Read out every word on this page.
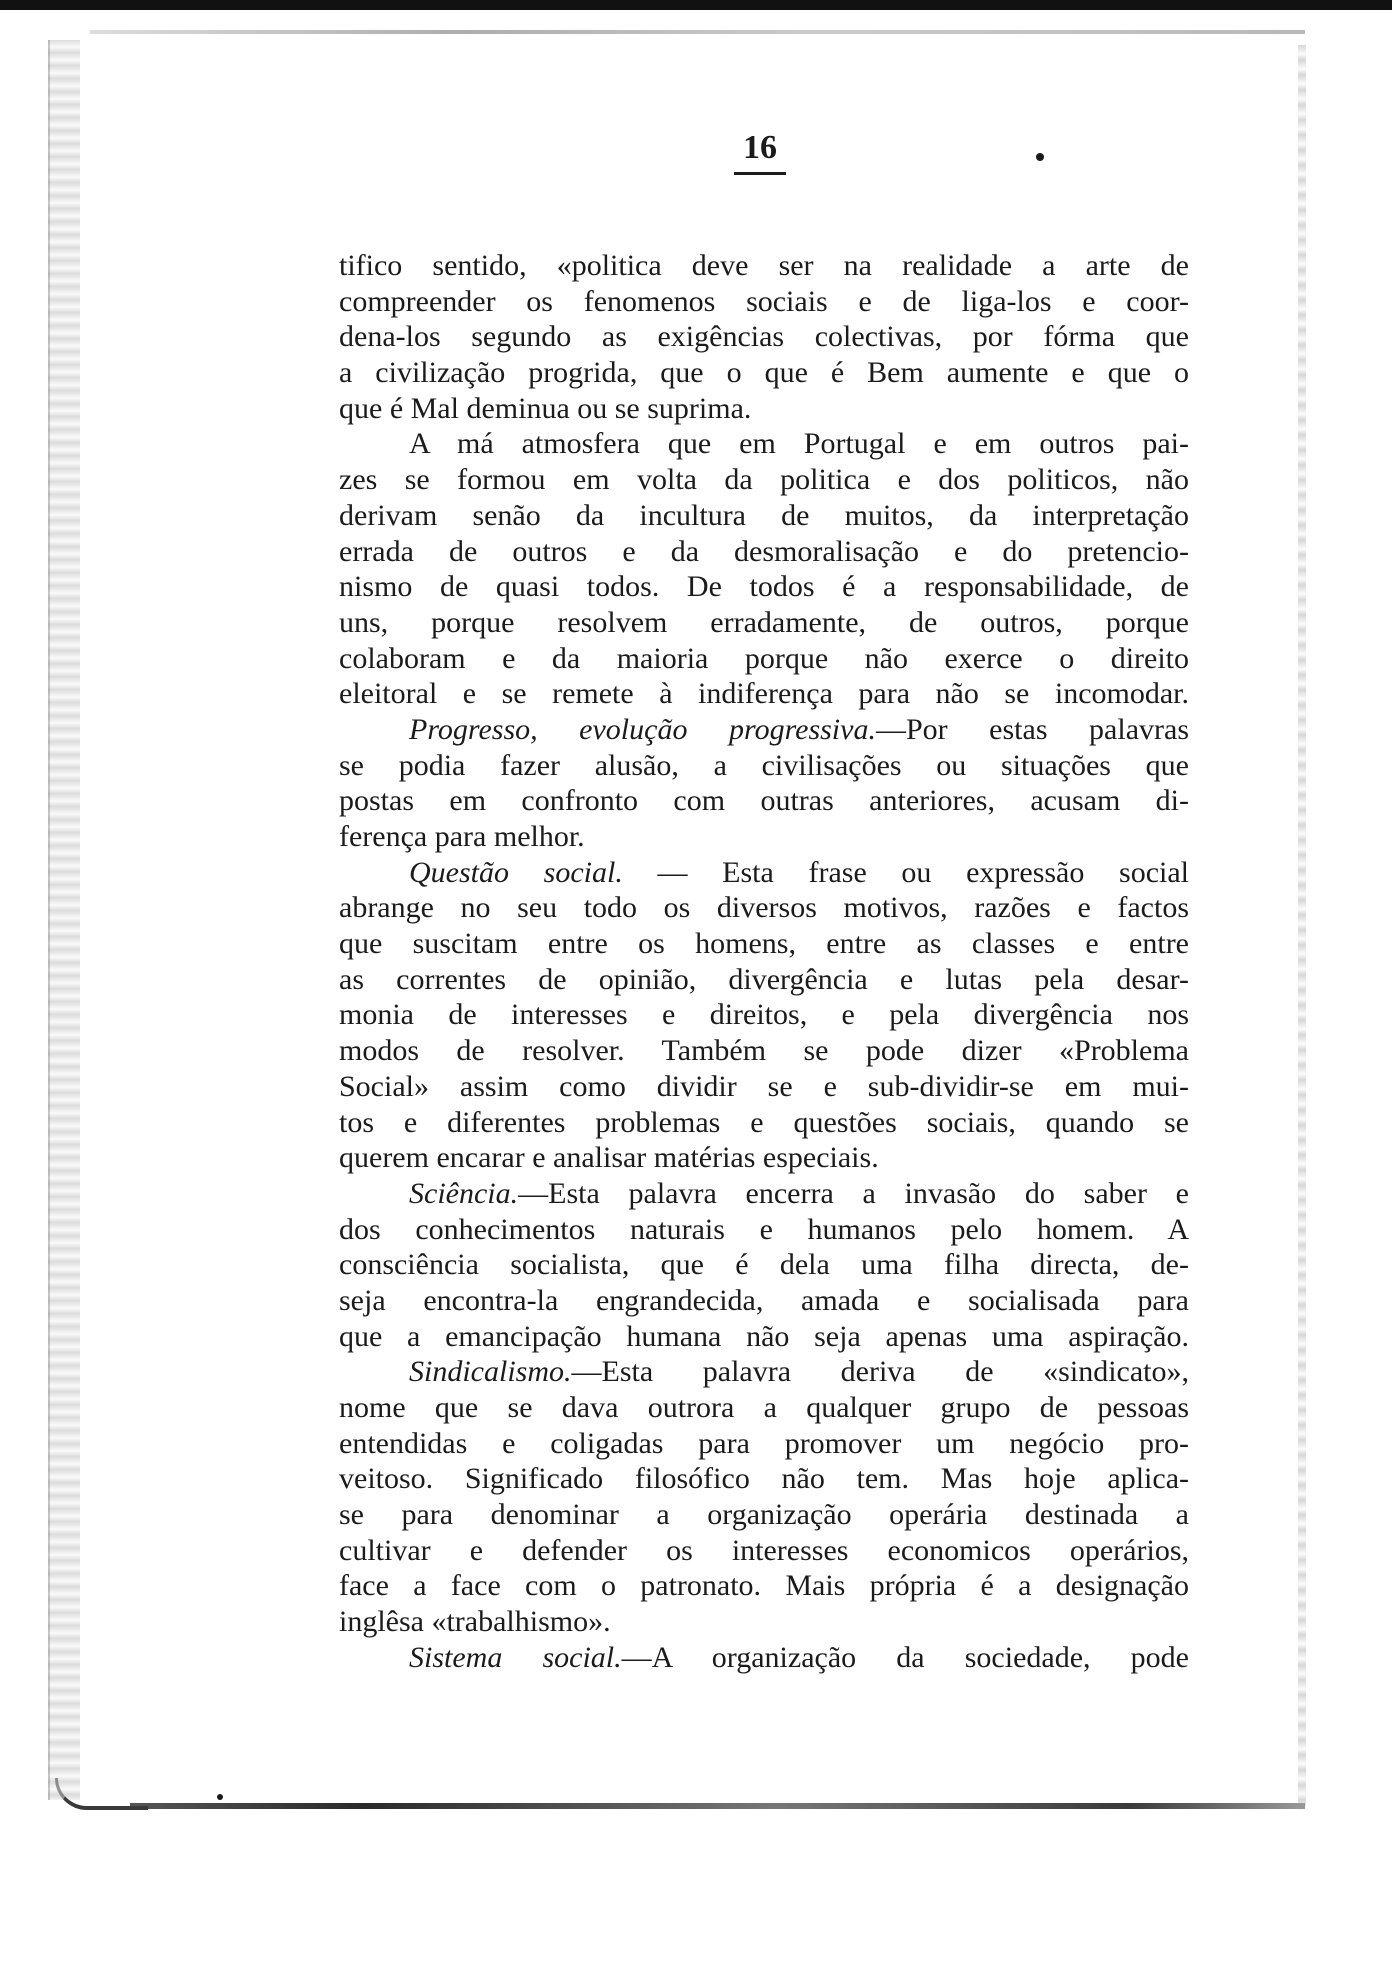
16
tifico sentido, «politica deve ser na realidade a arte de
compreender os fenomenos sociais e de liga-los e coor-
dena-los segundo as exigências colectivas, por fórma que
a civilização progrida, que o que é Bem aumente e que o
que é Mal deminua ou se suprima.
A má atmosfera que em Portugal e em outros pai-
zes se formou em volta da politica e dos politicos, não
derivam senão da incultura de muitos, da interpretação
errada de outros e da desmoralisação e do pretencio-
nismo de quasi todos. De todos é a responsabilidade, de
uns, porque resolvem erradamente, de outros, porque
colaboram e da maioria porque não exerce o direito
eleitoral e se remete à indiferença para não se incomodar.
Progresso, evolução progressiva.—Por estas palavras
se podia fazer alusão, a civilisações ou situações que
postas em confronto com outras anteriores, acusam di-
ferença para melhor.
Questão social. — Esta frase ou expressão social
abrange no seu todo os diversos motivos, razões e factos
que suscitam entre os homens, entre as classes e entre
as correntes de opinião, divergência e lutas pela desar-
monia de interesses e direitos, e pela divergência nos
modos de resolver. Também se pode dizer «Problema
Social» assim como dividir se e sub-dividir-se em mui-
tos e diferentes problemas e questões sociais, quando se
querem encarar e analisar matérias especiais.
Sciência.—Esta palavra encerra a invasão do saber e
dos conhecimentos naturais e humanos pelo homem. A
consciência socialista, que é dela uma filha directa, de-
seja encontra-la engrandecida, amada e socialisada para
que a emancipação humana não seja apenas uma aspiração.
Sindicalismo.—Esta palavra deriva de «sindicato»,
nome que se dava outrora a qualquer grupo de pessoas
entendidas e coligadas para promover um negócio pro-
veitoso. Significado filosófico não tem. Mas hoje aplica-
se para denominar a organização operária destinada a
cultivar e defender os interesses economicos operários,
face a face com o patronato. Mais própria é a designação
inglêsa «trabalhismo».
Sistema social.—A organização da sociedade, pode
